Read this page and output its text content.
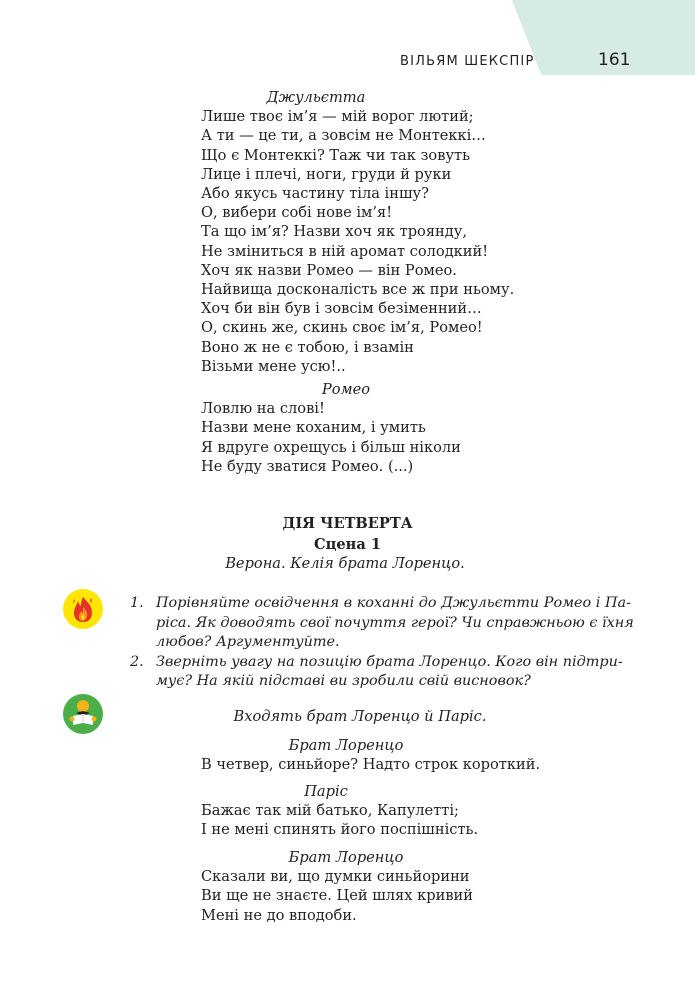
ВІЛЬЯМ ШЕКСПІР	161
Джульєтта
Лише твоє ім’я — мій ворог лютий;
А ти — це ти, а зовсім не Монтеккі…
Що є Монтеккі? Таж чи так зовуть
Лице і плечі, ноги, груди й руки
Або якусь частину тіла іншу?
О, вибери собі нове ім’я!
Та що ім’я? Назви хоч як троянду,
Не зміниться в ній аромат солодкий!
Хоч як назви Ромео — він Ромео.
Найвища досконалість все ж при ньому.
Хоч би він був і зовсім безіменний…
О, скинь же, скинь своє ім’я, Ромео!
Воно ж не є тобою, і взамін
Візьми мене усю!..
Ромео
Ловлю на слові!
Назви мене коханим, і умить
Я вдруге охрещусь і більш ніколи
Не буду зватися Ромео. (...)
ДІЯ ЧЕТВЕРТА
Сцена 1
Верона. Келія брата Лоренцо.
1. Порівняйте освідчення в коханні до Джульєтти Ромео і Па-
ріса. Як доводять свої почуття герої? Чи справжньою є їхня
любов? Аргументуйте.
2. Зверніть увагу на позицію брата Лоренцо. Кого він підтри-
мує? На якій підставі ви зробили свій висновок?
Входять брат Лоренцо й Паріс.
Брат Лоренцо
В четвер, синьйоре? Надто строк короткий.
Паріс
Бажає так мій батько, Капулетті;
І не мені спинять його поспішність.
Брат Лоренцо
Сказали ви, що думки синьйорини
Ви ще не знаєте. Цей шлях кривий
Мені не до вподоби.
